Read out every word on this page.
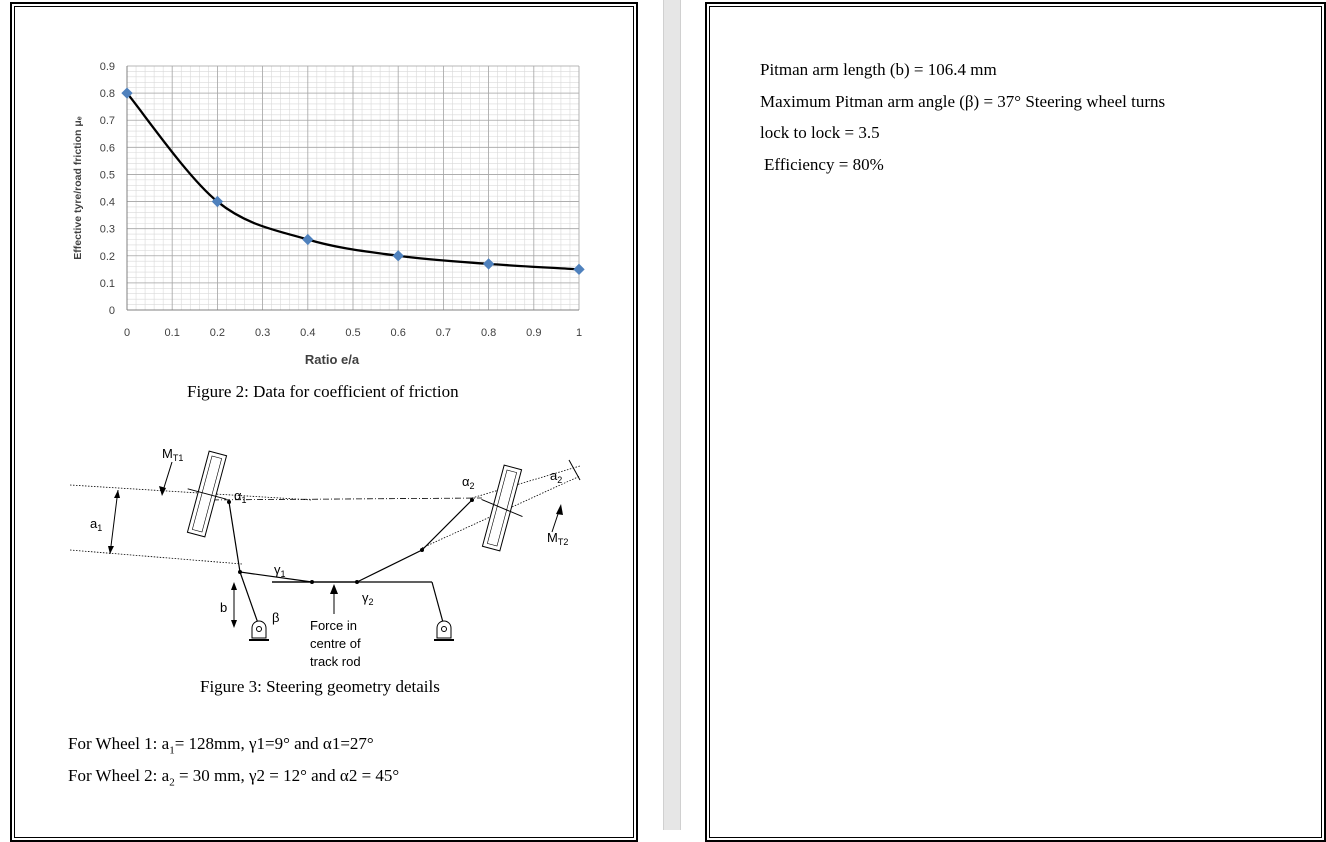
0	0.1	0.2	0.3	0.4	0.5	0.6	0.7	0.8	0.9	1
0
0.1
0.2
0.3
0.4
0.5
0.6
0.7
0.8
0.9
Ratio e/a
Effective tyre/road friction μₑ
Figure 2: Data for coefficient of friction
$M_{T1}$
$a_1$
$\alpha_1$
$\alpha_2$
$a_2$
$M_{T2}$
$\gamma_1$
$\gamma_2$
b
β
Force in
centre of
track rod
Figure 3: Steering geometry details
For Wheel 1: $a_1= 128mm$, γ1=9° and α1=27°
For Wheel 2: $a_2 = 30$ mm, γ2 = 12° and α2 = 45°
Pitman arm length (b) = 106.4 mm
Maximum Pitman arm angle (β) = 37° Steering wheel turns
lock to lock = 3.5
Efficiency = 80%
